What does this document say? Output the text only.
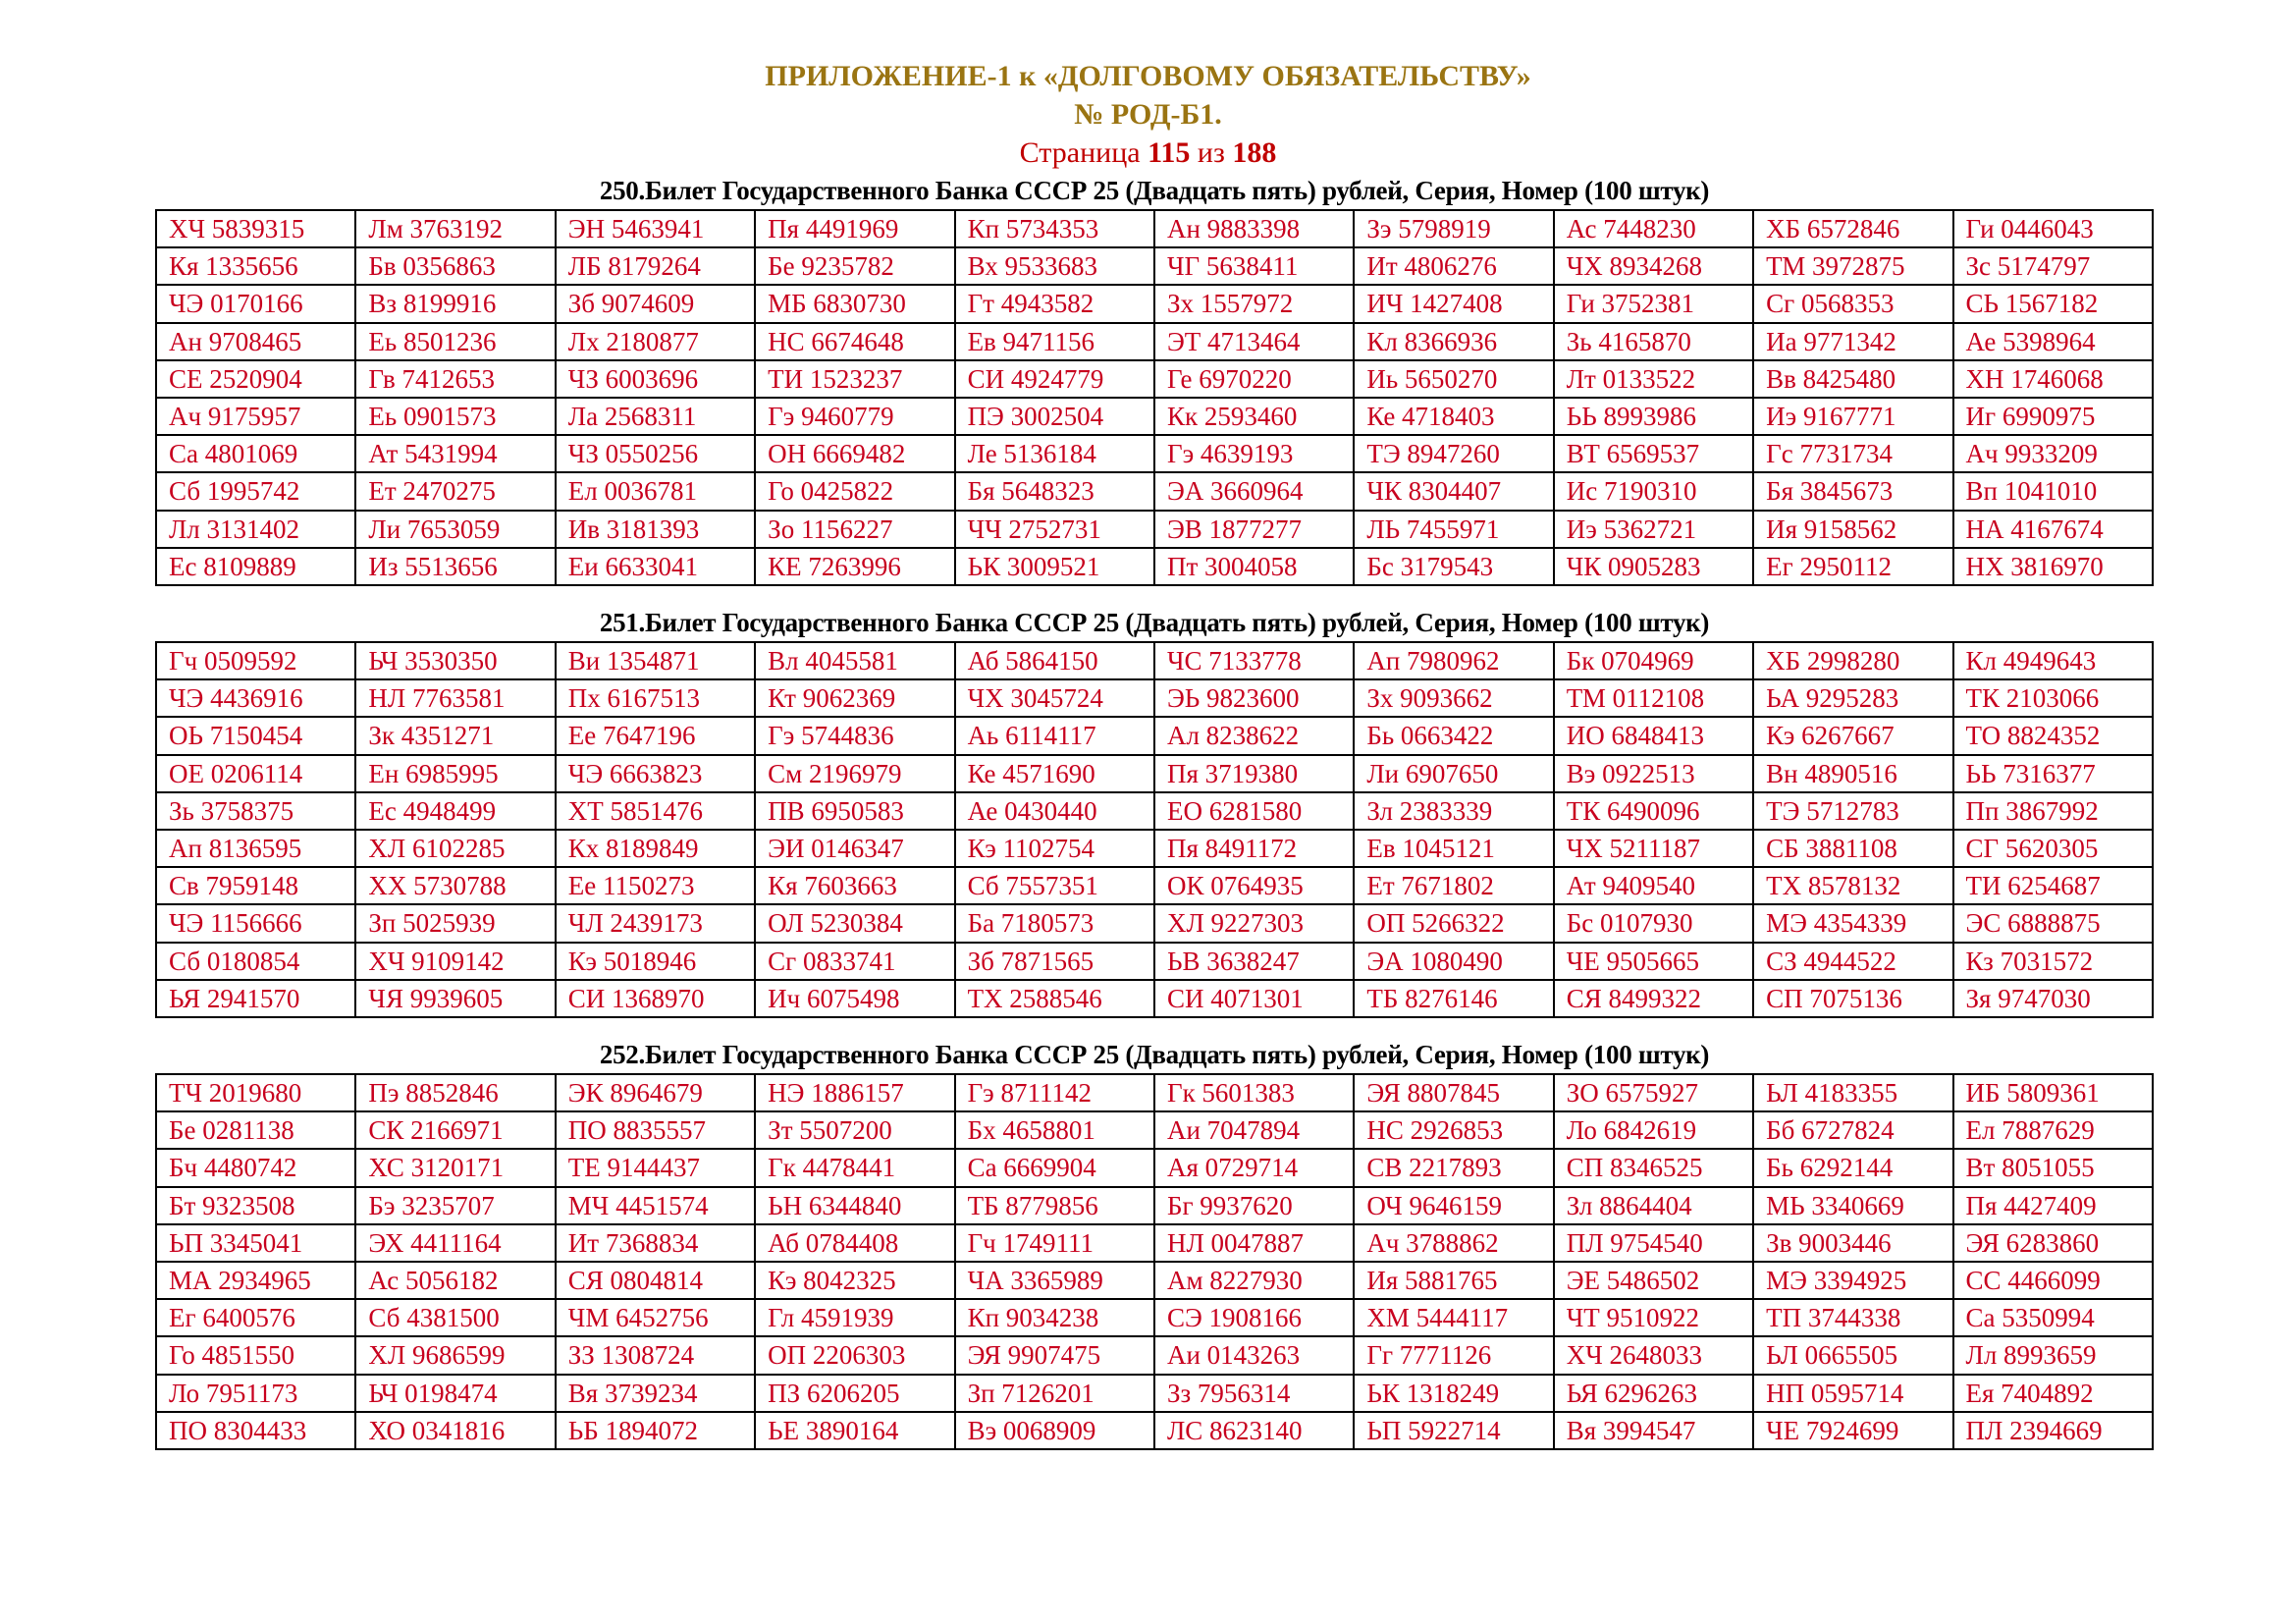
ПРИЛОЖЕНИЕ-1 к «ДОЛГОВОМУ ОБЯЗАТЕЛЬСТВУ»
№ РОД-Б1.
Страница 115 из 188
250.Билет Государственного Банка СССР 25 (Двадцать пять) рублей, Серия, Номер (100 штук)
ХЧ 5839315	Лм 3763192	ЭН 5463941	Пя 4491969	Кп 5734353	Ан 9883398	Зэ 5798919	Ас 7448230	ХБ 6572846	Ги 0446043
Кя 1335656	Бв 0356863	ЛБ 8179264	Бе 9235782	Вх 9533683	ЧГ 5638411	Ит 4806276	ЧХ 8934268	ТМ 3972875	Зс 5174797
ЧЭ 0170166	Вз 8199916	Зб 9074609	МБ 6830730	Гт 4943582	Зх 1557972	ИЧ 1427408	Ги 3752381	Сг 0568353	СЬ 1567182
Ан 9708465	Еь 8501236	Лх 2180877	НС 6674648	Ев 9471156	ЭТ 4713464	Кл 8366936	Зь 4165870	Иа 9771342	Ае 5398964
СЕ 2520904	Гв 7412653	ЧЗ 6003696	ТИ 1523237	СИ 4924779	Ге 6970220	Иь 5650270	Лт 0133522	Вв 8425480	ХН 1746068
Ач 9175957	Еь 0901573	Ла 2568311	Гэ 9460779	ПЭ 3002504	Кк 2593460	Ке 4718403	ЬЬ 8993986	Иэ 9167771	Иг 6990975
Са 4801069	Ат 5431994	ЧЗ 0550256	ОН 6669482	Ле 5136184	Гэ 4639193	ТЭ 8947260	ВТ 6569537	Гс 7731734	Ач 9933209
Сб 1995742	Ет 2470275	Ел 0036781	Го 0425822	Бя 5648323	ЭА 3660964	ЧК 8304407	Ис 7190310	Бя 3845673	Вп 1041010
Лл 3131402	Ли 7653059	Ив 3181393	Зо 1156227	ЧЧ 2752731	ЭВ 1877277	ЛЬ 7455971	Иэ 5362721	Ия 9158562	НА 4167674
Ес 8109889	Из 5513656	Еи 6633041	КЕ 7263996	ЬК 3009521	Пт 3004058	Бс 3179543	ЧК 0905283	Ег 2950112	НХ 3816970
251.Билет Государственного Банка СССР 25 (Двадцать пять) рублей, Серия, Номер (100 штук)
Гч 0509592	ЬЧ 3530350	Ви 1354871	Вл 4045581	Аб 5864150	ЧС 7133778	Ап 7980962	Бк 0704969	ХБ 2998280	Кл 4949643
ЧЭ 4436916	НЛ 7763581	Пх 6167513	Кт 9062369	ЧХ 3045724	ЭЬ 9823600	Зх 9093662	ТМ 0112108	ЬА 9295283	ТК 2103066
ОЬ 7150454	Зк 4351271	Ее 7647196	Гэ 5744836	Аь 6114117	Ал 8238622	Бь 0663422	ИО 6848413	Кэ 6267667	ТО 8824352
ОЕ 0206114	Ен 6985995	ЧЭ 6663823	См 2196979	Ке 4571690	Пя 3719380	Ли 6907650	Вэ 0922513	Вн 4890516	ЬЬ 7316377
Зь 3758375	Ес 4948499	ХТ 5851476	ПВ 6950583	Ае 0430440	ЕО 6281580	Зл 2383339	ТК 6490096	ТЭ 5712783	Пп 3867992
Ап 8136595	ХЛ 6102285	Кх 8189849	ЭИ 0146347	Кэ 1102754	Пя 8491172	Ев 1045121	ЧХ 5211187	СБ 3881108	СГ 5620305
Св 7959148	ХХ 5730788	Ее 1150273	Кя 7603663	Сб 7557351	ОК 0764935	Ет 7671802	Ат 9409540	ТХ 8578132	ТИ 6254687
ЧЭ 1156666	Зп 5025939	ЧЛ 2439173	ОЛ 5230384	Ба 7180573	ХЛ 9227303	ОП 5266322	Бс 0107930	МЭ 4354339	ЭС 6888875
Сб 0180854	ХЧ 9109142	Кэ 5018946	Сг 0833741	Зб 7871565	ЬВ 3638247	ЭА 1080490	ЧЕ 9505665	СЗ 4944522	Кз 7031572
ЬЯ 2941570	ЧЯ 9939605	СИ 1368970	Ич 6075498	ТХ 2588546	СИ 4071301	ТБ 8276146	СЯ 8499322	СП 7075136	Зя 9747030
252.Билет Государственного Банка СССР 25 (Двадцать пять) рублей, Серия, Номер (100 штук)
ТЧ 2019680	Пэ 8852846	ЭК 8964679	НЭ 1886157	Гэ 8711142	Гк 5601383	ЭЯ 8807845	ЗО 6575927	ЬЛ 4183355	ИБ 5809361
Бе 0281138	СК 2166971	ПО 8835557	Зт 5507200	Бх 4658801	Аи 7047894	НС 2926853	Ло 6842619	Бб 6727824	Ел 7887629
Бч 4480742	ХС 3120171	ТЕ 9144437	Гк 4478441	Са 6669904	Ая 0729714	СВ 2217893	СП 8346525	Бь 6292144	Вт 8051055
Бт 9323508	Бэ 3235707	МЧ 4451574	ЬН 6344840	ТБ 8779856	Бг 9937620	ОЧ 9646159	Зл 8864404	МЬ 3340669	Пя 4427409
ЬП 3345041	ЭХ 4411164	Ит 7368834	Аб 0784408	Гч 1749111	НЛ 0047887	Ач 3788862	ПЛ 9754540	Зв 9003446	ЭЯ 6283860
МА 2934965	Ас 5056182	СЯ 0804814	Кэ 8042325	ЧА 3365989	Ам 8227930	Ия 5881765	ЭЕ 5486502	МЭ 3394925	СС 4466099
Ег 6400576	Сб 4381500	ЧМ 6452756	Гл 4591939	Кп 9034238	СЭ 1908166	ХМ 5444117	ЧТ 9510922	ТП 3744338	Са 5350994
Го 4851550	ХЛ 9686599	ЗЗ 1308724	ОП 2206303	ЭЯ 9907475	Аи 0143263	Гг 7771126	ХЧ 2648033	ЬЛ 0665505	Лл 8993659
Ло 7951173	ЬЧ 0198474	Вя 3739234	ПЗ 6206205	Зп 7126201	Зз 7956314	ЬК 1318249	ЬЯ 6296263	НП 0595714	Ея 7404892
ПО 8304433	ХО 0341816	ЬБ 1894072	ЬЕ 3890164	Вэ 0068909	ЛС 8623140	ЬП 5922714	Вя 3994547	ЧЕ 7924699	ПЛ 2394669
